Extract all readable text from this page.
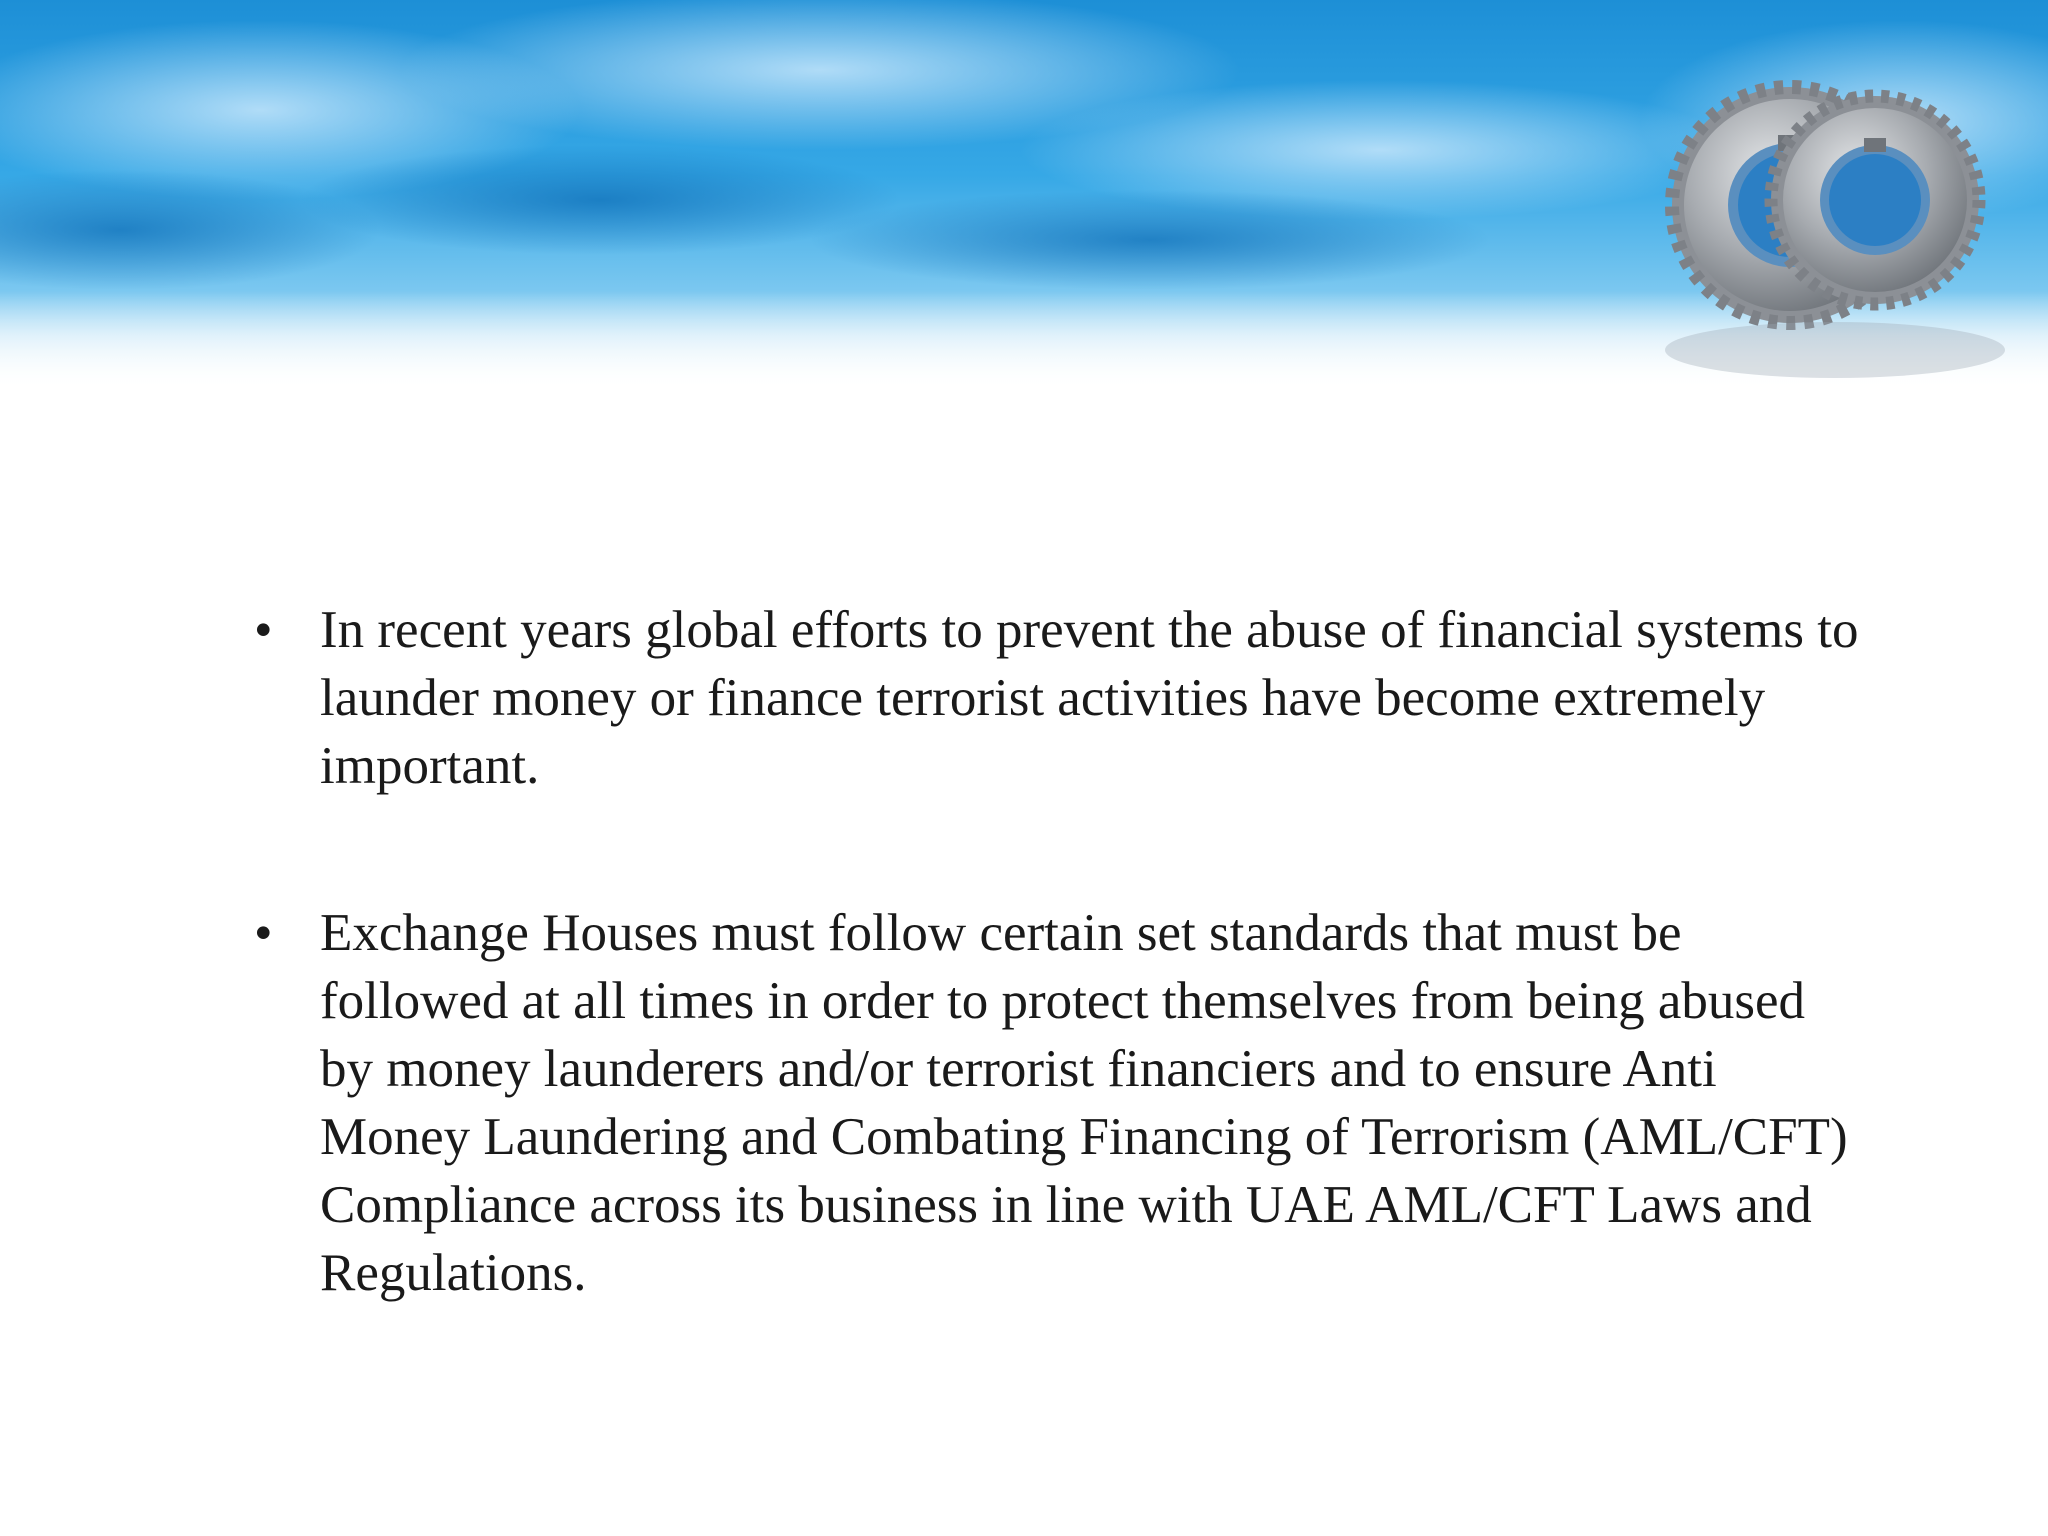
• In recent years global efforts to prevent the abuse of financial systems to launder money or finance terrorist activities have become extremely important.
• Exchange Houses must follow certain set standards that must be followed at all times in order to protect themselves from being abused by money launderers and/or terrorist financiers and to ensure Anti Money Laundering and Combating Financing of Terrorism (AML/CFT) Compliance across its business in line with UAE AML/CFT Laws and Regulations.
